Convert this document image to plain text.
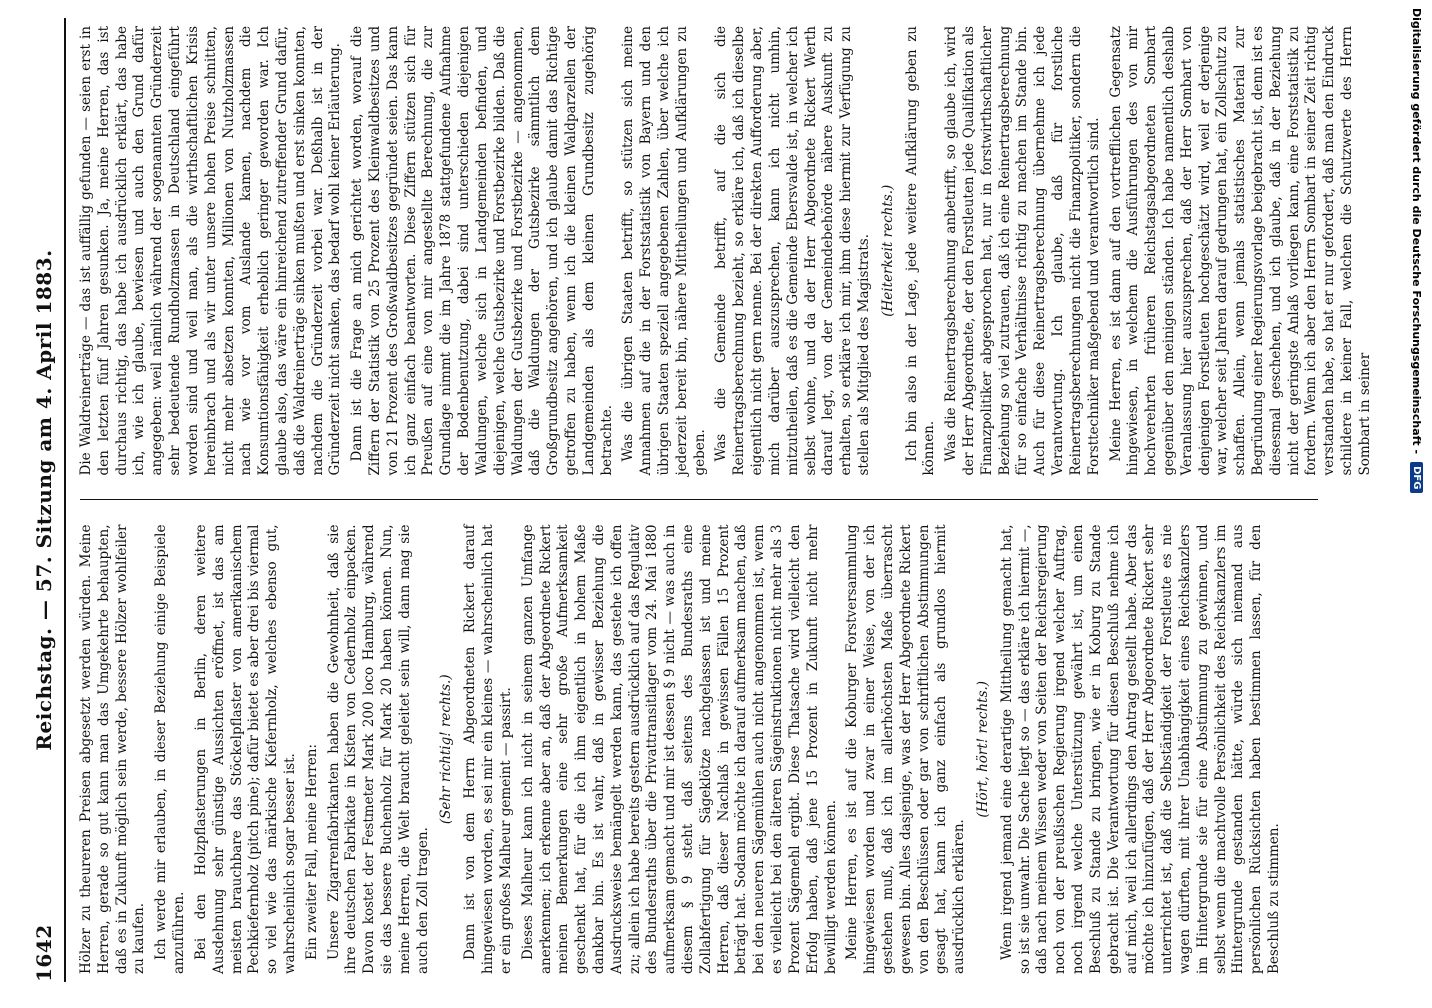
1642
Reichstag. — 57. Sitzung am 4. April 1883. Hölzer zu theureren Preisen abgesetzt werden würden. Meine Herren, gerade so gut kann man das Umgekehrte behaupten, daß es in Zukunft möglich sein werde, bessere Hölzer wohlfeiler zu kaufen. Ich werde mir erlauben, in dieser Beziehung einige Beispiele anzuführen. Bei den Holzpflasterungen in Berlin, deren weitere Ausdehnung sehr günstige Aussichten eröffnet, ist das am meisten brauchbare das Stöckelpflaster von amerikanischem Pechkiefernholz (pitch pine); dafür bietet es aber drei bis viermal so viel wie das märkische Kiefernholz, welches ebenso gut, wahrscheinlich sogar besser ist. Ein zweiter Fall, meine Herren: Unsere Zigarrenfabrikanten haben die Gewohnheit, daß sie ihre deutschen Fabrikate in Kisten von Cedernholz einpacken. Davon kostet der Festmeter Mark 200 loco Hamburg, während sie das bessere Buchenholz für Mark 20 haben können. Nun, meine Herren, die Welt braucht geleitet sein will, dann mag sie auch den Zoll tragen.

(Sehr richtig! rechts.) Dann ist von dem Herrn Abgeordneten Rickert darauf hingewiesen worden, es sei mir ein kleines — wahrscheinlich hat er ein großes Malheur gemeint — passirt. Dieses Malheur kann ich nicht in seinem ganzen Umfange anerkennen; ich erkenne aber an, daß der Abgeordnete Rickert meinen Bemerkungen eine sehr große Aufmerksamkeit geschenkt hat, für die ich ihm eigentlich in hohem Maße dankbar bin. Es ist wahr, daß in gewisser Beziehung die Ausdrucksweise bemängelt werden kann, das gestehe ich offen zu; allein ich habe bereits gestern ausdrücklich auf das Regulativ des Bundesraths über die Privattransitlager vom 24. Mai 1880 aufmerksam gemacht und mir ist dessen § 9 nicht — was auch in diesem § 9 steht daß seitens des Bundesraths eine Zollabfertigung für Sägeklötze nachgelassen ist und meine Herren, daß dieser Nachlaß in gewissen Fällen 15 Prozent beträgt hat. Sodann möchte ich darauf aufmerksam machen, daß bei den neueren Sägemühlen auch nicht angenommen ist, wenn es vielleicht bei den älteren Sägeinstruktionen nicht mehr als 3 Prozent Sägemehl ergibt. Diese Thatsache wird vielleicht den Erfolg haben, daß jene 15 Prozent in Zukunft nicht mehr bewilligt werden können. Meine Herren, es ist auf die Koburger Forstversammlung hingewiesen worden und zwar in einer Weise, von der ich gestehen muß, daß ich im allerhöchsten Maße überrascht gewesen bin. Alles dasjenige, was der Herr Abgeordnete Rickert von den Beschlüssen oder gar von schriftlichen Abstimmungen gesagt hat, kann ich ganz einfach als grundlos hiermit ausdrücklich erklären.

(Hört, hört! rechts.) Wenn irgend jemand eine derartige Mittheilung gemacht hat, so ist sie unwahr. Die Sache liegt so — das erkläre ich hiermit —, daß nach meinem Wissen weder von Seiten der Reichsregierung noch von der preußischen Regierung irgend welcher Auftrag, noch irgend welche Unterstützung gewährt ist, um einen Beschluß zu Stande zu bringen, wie er in Koburg zu Stande gebracht ist. Die Verantwortung für diesen Beschluß nehme ich auf mich, weil ich allerdings den Antrag gestellt habe. Aber das möchte ich hinzufügen, daß der Herr Abgeordnete Rickert sehr unterrichtet ist, daß die Selbständigkeit der Forstleute es nie wagen dürften, mit ihrer Unabhängigkeit eines Reichskanzlers im Hintergrunde sie für eine Abstimmung zu gewinnen, und selbst wenn die machtvolle Persönlichkeit des Reichskanzlers im Hintergrunde gestanden hätte, würde sich niemand aus persönlichen Rücksichten haben bestimmen lassen, für den Beschluß zu stimmen.

Die Waldreinerträge — das ist auffällig gefunden — seien erst in den letzten fünf Jahren gesunken. Ja, meine Herren, das ist durchaus richtig, das habe ich ausdrücklich erklärt, das habe ich, wie ich glaube, bewiesen und auch den Grund dafür angegeben: weil nämlich während der sogenannten Gründerzeit sehr bedeutende Rundholzmassen in Deutschland eingeführt worden sind und weil man, als die wirthschaftlichen Krisis hereinbrach und als wir unter unsere hohen Preise schnitten, nicht mehr absetzen konnten, Millionen von Nutzholzmassen nach wie vor vom Auslande kamen, nachdem die Konsumtionsfähigkeit erheblich geringer geworden war. Ich glaube also, das wäre ein hinreichend zutreffender Grund dafür, daß die Waldreinerträge sinken mußten und erst sinken konnten, nachdem die Gründerzeit vorbei war. Deßhalb ist in der Gründerzeit nicht sanken, das bedarf wohl keiner Erläuterung. Dann ist die Frage an mich gerichtet worden, worauf die Ziffern der Statistik von 25 Prozent des Kleinwaldbesitzes und von 21 Prozent des Großwaldbesitzes gegründet seien. Das kann ich ganz einfach beantworten. Diese Ziffern stützen sich für Preußen auf eine von mir angestellte Berechnung, die zur Grundlage nimmt die im Jahre 1878 stattgefundene Aufnahme der Bodenbenutzung, dabei sind unterschieden diejenigen Waldungen, welche sich in Landgemeinden befinden, und diejenigen, welche Gutsbezirke und Forstbezirke bilden. Daß die Waldungen der Gutsbezirke und Forstbezirke — angenommen, daß die Waldungen der Gutsbezirke sämmtlich dem Großgrundbesitz angehören, und ich glaube damit das Richtige getroffen zu haben, wenn ich die kleinen Waldparzellen der Landgemeinden als dem kleinen Grundbesitz zugehörig betrachte. Was die übrigen Staaten betrifft, so stützen sich meine Annahmen auf die in der Forststatistik von Bayern und den übrigen Staaten speziell angegebenen Zahlen, über welche ich jederzeit bereit bin, nähere Mittheilungen und Aufklärungen zu geben. Was die Gemeinde betrifft, auf die sich die Reinertragsberechnung bezieht, so erkläre ich, daß ich dieselbe eigentlich nicht gern nenne. Bei der direkten Aufforderung aber, mich darüber auszusprechen, kann ich nicht umhin, mitzutheilen, daß es die Gemeinde Ebersvalde ist, in welcher ich selbst wohne, und da der Herr Abgeordnete Rickert Werth darauf legt, von der Gemeindebehörde nähere Auskunft zu erhalten, so erkläre ich mir, ihm diese hiermit zur Verfügung zu stellen als Mitglied des Magistrats. (Heiterkeit rechts.) Ich bin also in der Lage, jede weitere Aufklärung geben zu können. Was die Reinertragsberechnung anbetrifft, so glaube ich, wird der Herr Abgeordnete, der den Forstleuten jede Qualifikation als Finanzpolitiker abgesprochen hat, nur in forstwirthschaftlicher Beziehung so viel zutrauen, daß ich eine Reinertragsberechnung für so einfache Verhältnisse richtig zu machen im Stande bin. Auch für diese Reinertragsberechnung übernehme ich jede Verantwortung. Ich glaube, daß für forstliche Reinertragsberechnungen nicht die Finanzpolitiker, sondern die Forsttechniker maßgebend und verantwortlich sind. Meine Herren, es ist dann auf den vortrefflichen Gegensatz hingewiesen, in welchem die Ausführungen des von mir hochverehrten früheren Reichstagsabgeordneten Sombart gegenüber den meinigen ständen. Ich habe namentlich deshalb Veranlassung hier auszusprechen, daß der Herr Sombart von denjenigen Forstleuten hochgeschätzt wird, weil er derjenige war, welcher seit Jahren darauf gedrungen hat, ein Zollschutz zu schaffen. Allein, wenn jemals statistisches Material zur Begründung einer Regierungsvorlage beigebracht ist, denn ist es diesesmal geschehen, und ich glaube, daß in der Beziehung nicht der geringste Anlaß vorliegen kann, eine Forststatistik zu fordern. Wenn ich aber den Herrn Sombart in seiner Zeit richtig verstanden habe, so hat er nur gefordert, daß man den Eindruck schildere in keiner Fall, welchen die Schutzwerte des Herrn Sombart in seiner	Digitalisierung gefördert durch die Deutsche Forschungsgemeinschaft -
DFG
